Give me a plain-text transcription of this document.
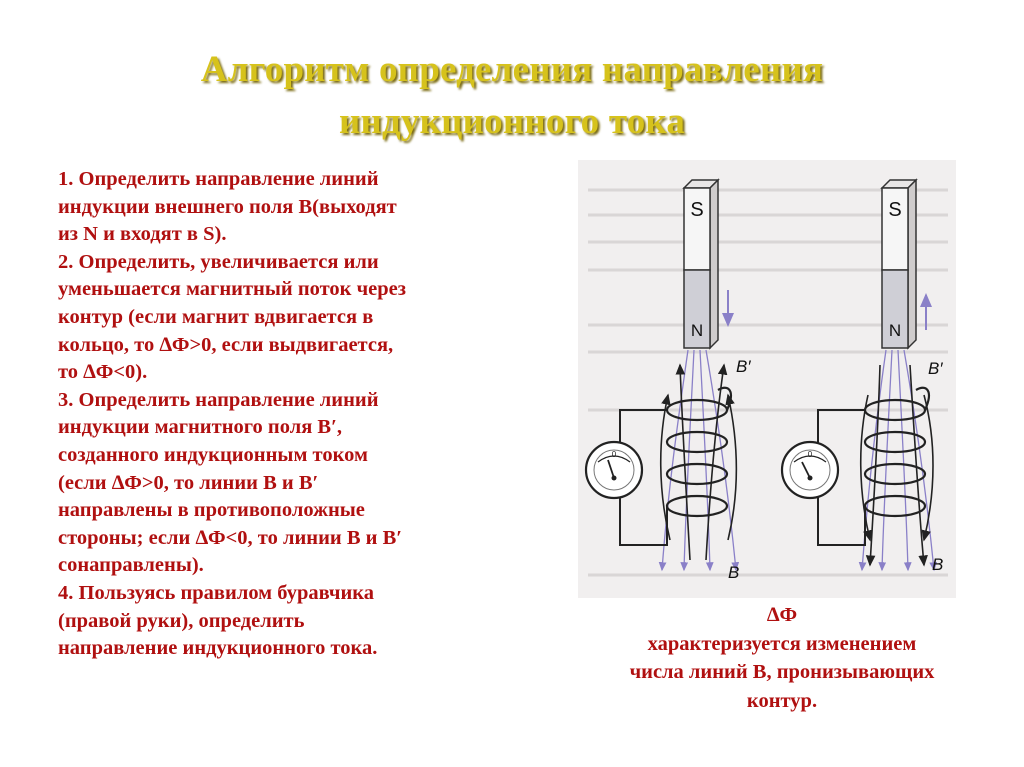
Алгоритм определения направления
индукционного тока

1. Определить направление линий

индукции внешнего поля В(выходят

из N и входят в S).

2. Определить, увеличивается или

уменьшается магнитный поток через

контур (если магнит вдвигается в

кольцо, то ∆Ф>0, если выдвигается,

то ∆Ф<0).

3. Определить направление линий

индукции магнитного поля В′,

созданного индукционным током

(если ∆Ф>0, то линии В и В′

направлены в противоположные

стороны; если ∆Ф<0, то линии В и В′

сонаправлены).

4. Пользуясь правилом буравчика

(правой руки), определить

направление индукционного тока.

S
N
B′
B
0
S
N
B′
B
0

∆Ф

характеризуется изменением

числа линий В, пронизывающих

контур.
